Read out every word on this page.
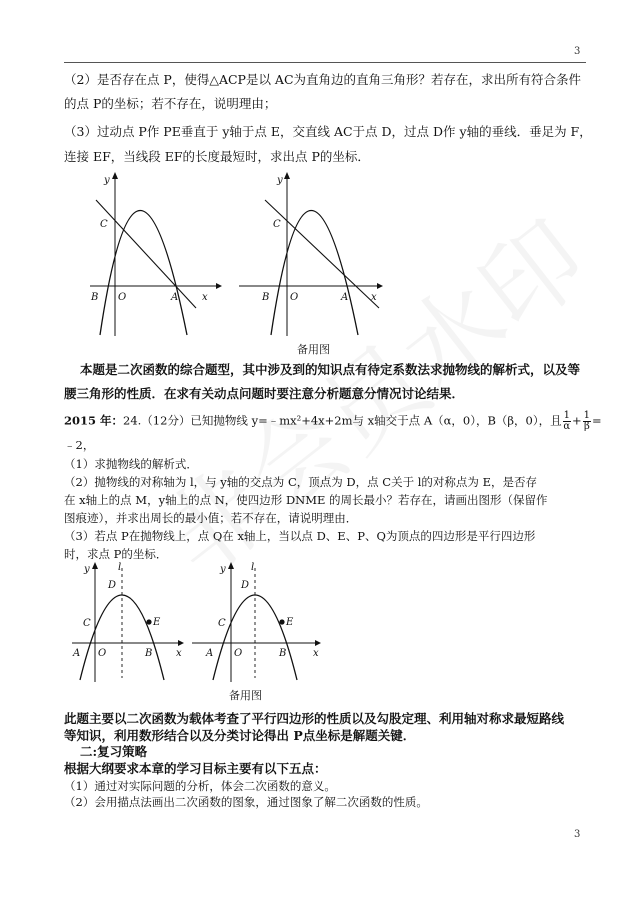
3
（2）是否存在点 P，使得△ACP是以 AC为直角边的直角三角形？若存在，求出所有符合条件
的点 P的坐标；若不存在，说明理由；
（3）过动点 P作 PE垂直于 y轴于点 E，交直线 AC于点 D，过点 D作 y轴的垂线．垂足为 F，
连接 EF，当线段 EF的长度最短时，求出点 P的坐标．
y
C
B O	A x
y
C
B O	A x
备用图
本题是二次函数的综合题型，其中涉及到的知识点有待定系数法求抛物线的解析式，以及等
腰三角形的性质．在求有关动点问题时要注意分析题意分情况讨论结果．
2015 年：24.（12分）已知抛物线 y=﹣mx²+4x+2m与 x轴交于点 A（α，0），B（β，0），且 $\frac{1}{\alpha} + \frac{1}{\beta}$ =
﹣2，
（1）求抛物线的解析式．
（2）抛物线的对称轴为 l，与 y轴的交点为 C，顶点为 D，点 C关于 l的对称点为 E，是否存
在 x轴上的点 M，y轴上的点 N，使四边形 DNME 的周长最小？若存在，请画出图形（保留作
图痕迹），并求出周长的最小值；若不存在，请说明理由．
（3）若点 P在抛物线上，点 Q在 x轴上，当以点 D、E、P、Q为顶点的四边形是平行四边形
时，求点 P的坐标．
y	l
D
C	E
A O	B x
y	l
D
C	E
A O	B	x
备用图
此题主要以二次函数为载体考查了平行四边形的性质以及勾股定理、利用轴对称求最短路线
等知识，利用数形结合以及分类讨论得出 P点坐标是解题关键．
二:复习策略
根据大纲要求本章的学习目标主要有以下五点：
（1）通过对实际问题的分析，体会二次函数的意义。
（2）会用描点法画出二次函数的图象，通过图象了解二次函数的性质。
3
